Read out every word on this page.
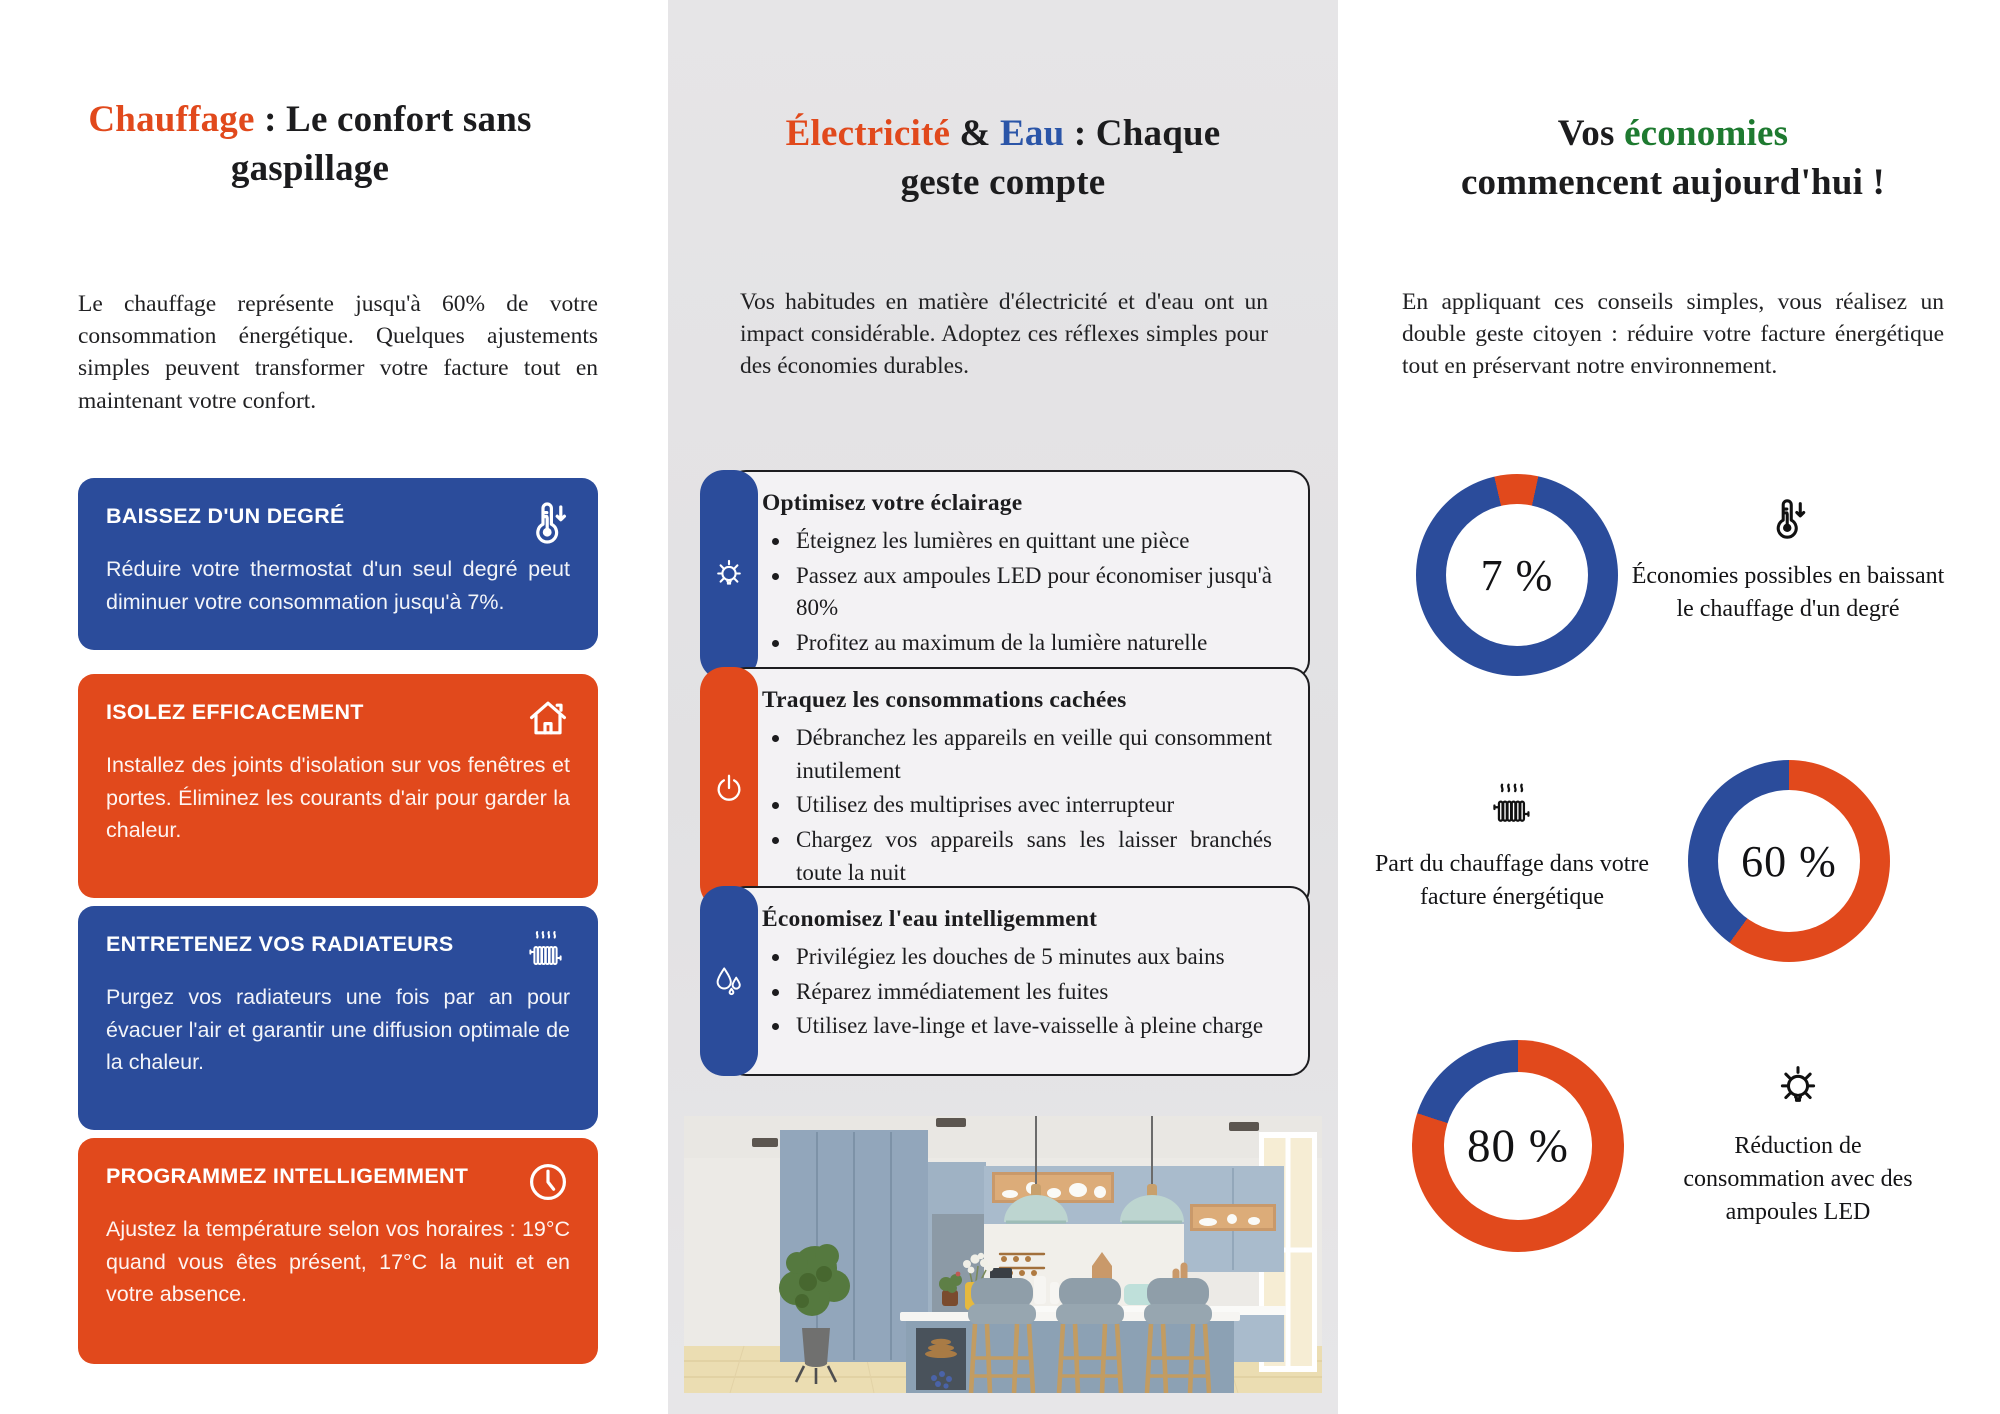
Chauffage : Le confort sans
gaspillage
Le chauffage représente jusqu'à 60% de votre consommation énergétique. Quelques ajustements simples peuvent transformer votre facture tout en maintenant votre confort.
BAISSEZ D'UN DEGRÉ
Réduire votre thermostat d'un seul degré peut diminuer votre consommation jusqu'à 7%.
ISOLEZ EFFICACEMENT
Installez des joints d'isolation sur vos fenêtres et portes. Éliminez les courants d'air pour garder la chaleur.
ENTRETENEZ VOS RADIATEURS
Purgez vos radiateurs une fois par an pour évacuer l'air et garantir une diffusion optimale de la chaleur.
PROGRAMMEZ INTELLIGEMMENT
Ajustez la température selon vos horaires : 19°C quand vous êtes présent, 17°C la nuit et en votre absence.
Électricité & Eau : Chaque
geste compte
Vos habitudes en matière d'électricité et d'eau ont un impact considérable. Adoptez ces réflexes simples pour des économies durables.
Optimisez votre éclairage
• Éteignez les lumières en quittant une pièce
• Passez aux ampoules LED pour économiser jusqu'à 80%
• Profitez au maximum de la lumière naturelle
Traquez les consommations cachées
• Débranchez les appareils en veille qui consomment inutilement
• Utilisez des multiprises avec interrupteur
• Chargez vos appareils sans les laisser branchés toute la nuit
Économisez l'eau intelligemment
• Privilégiez les douches de 5 minutes aux bains
• Réparez immédiatement les fuites
• Utilisez lave-linge et lave-vaisselle à pleine charge
Vos économies
commencent aujourd'hui !
En appliquant ces conseils simples, vous réalisez un double geste citoyen : réduire votre facture énergétique tout en préservant notre environnement.
7 %	Économies possibles en baissant le chauffage d'un degré
Part du chauffage dans votre facture énergétique
60 %
80 %	Réduction de consommation avec des ampoules LED
